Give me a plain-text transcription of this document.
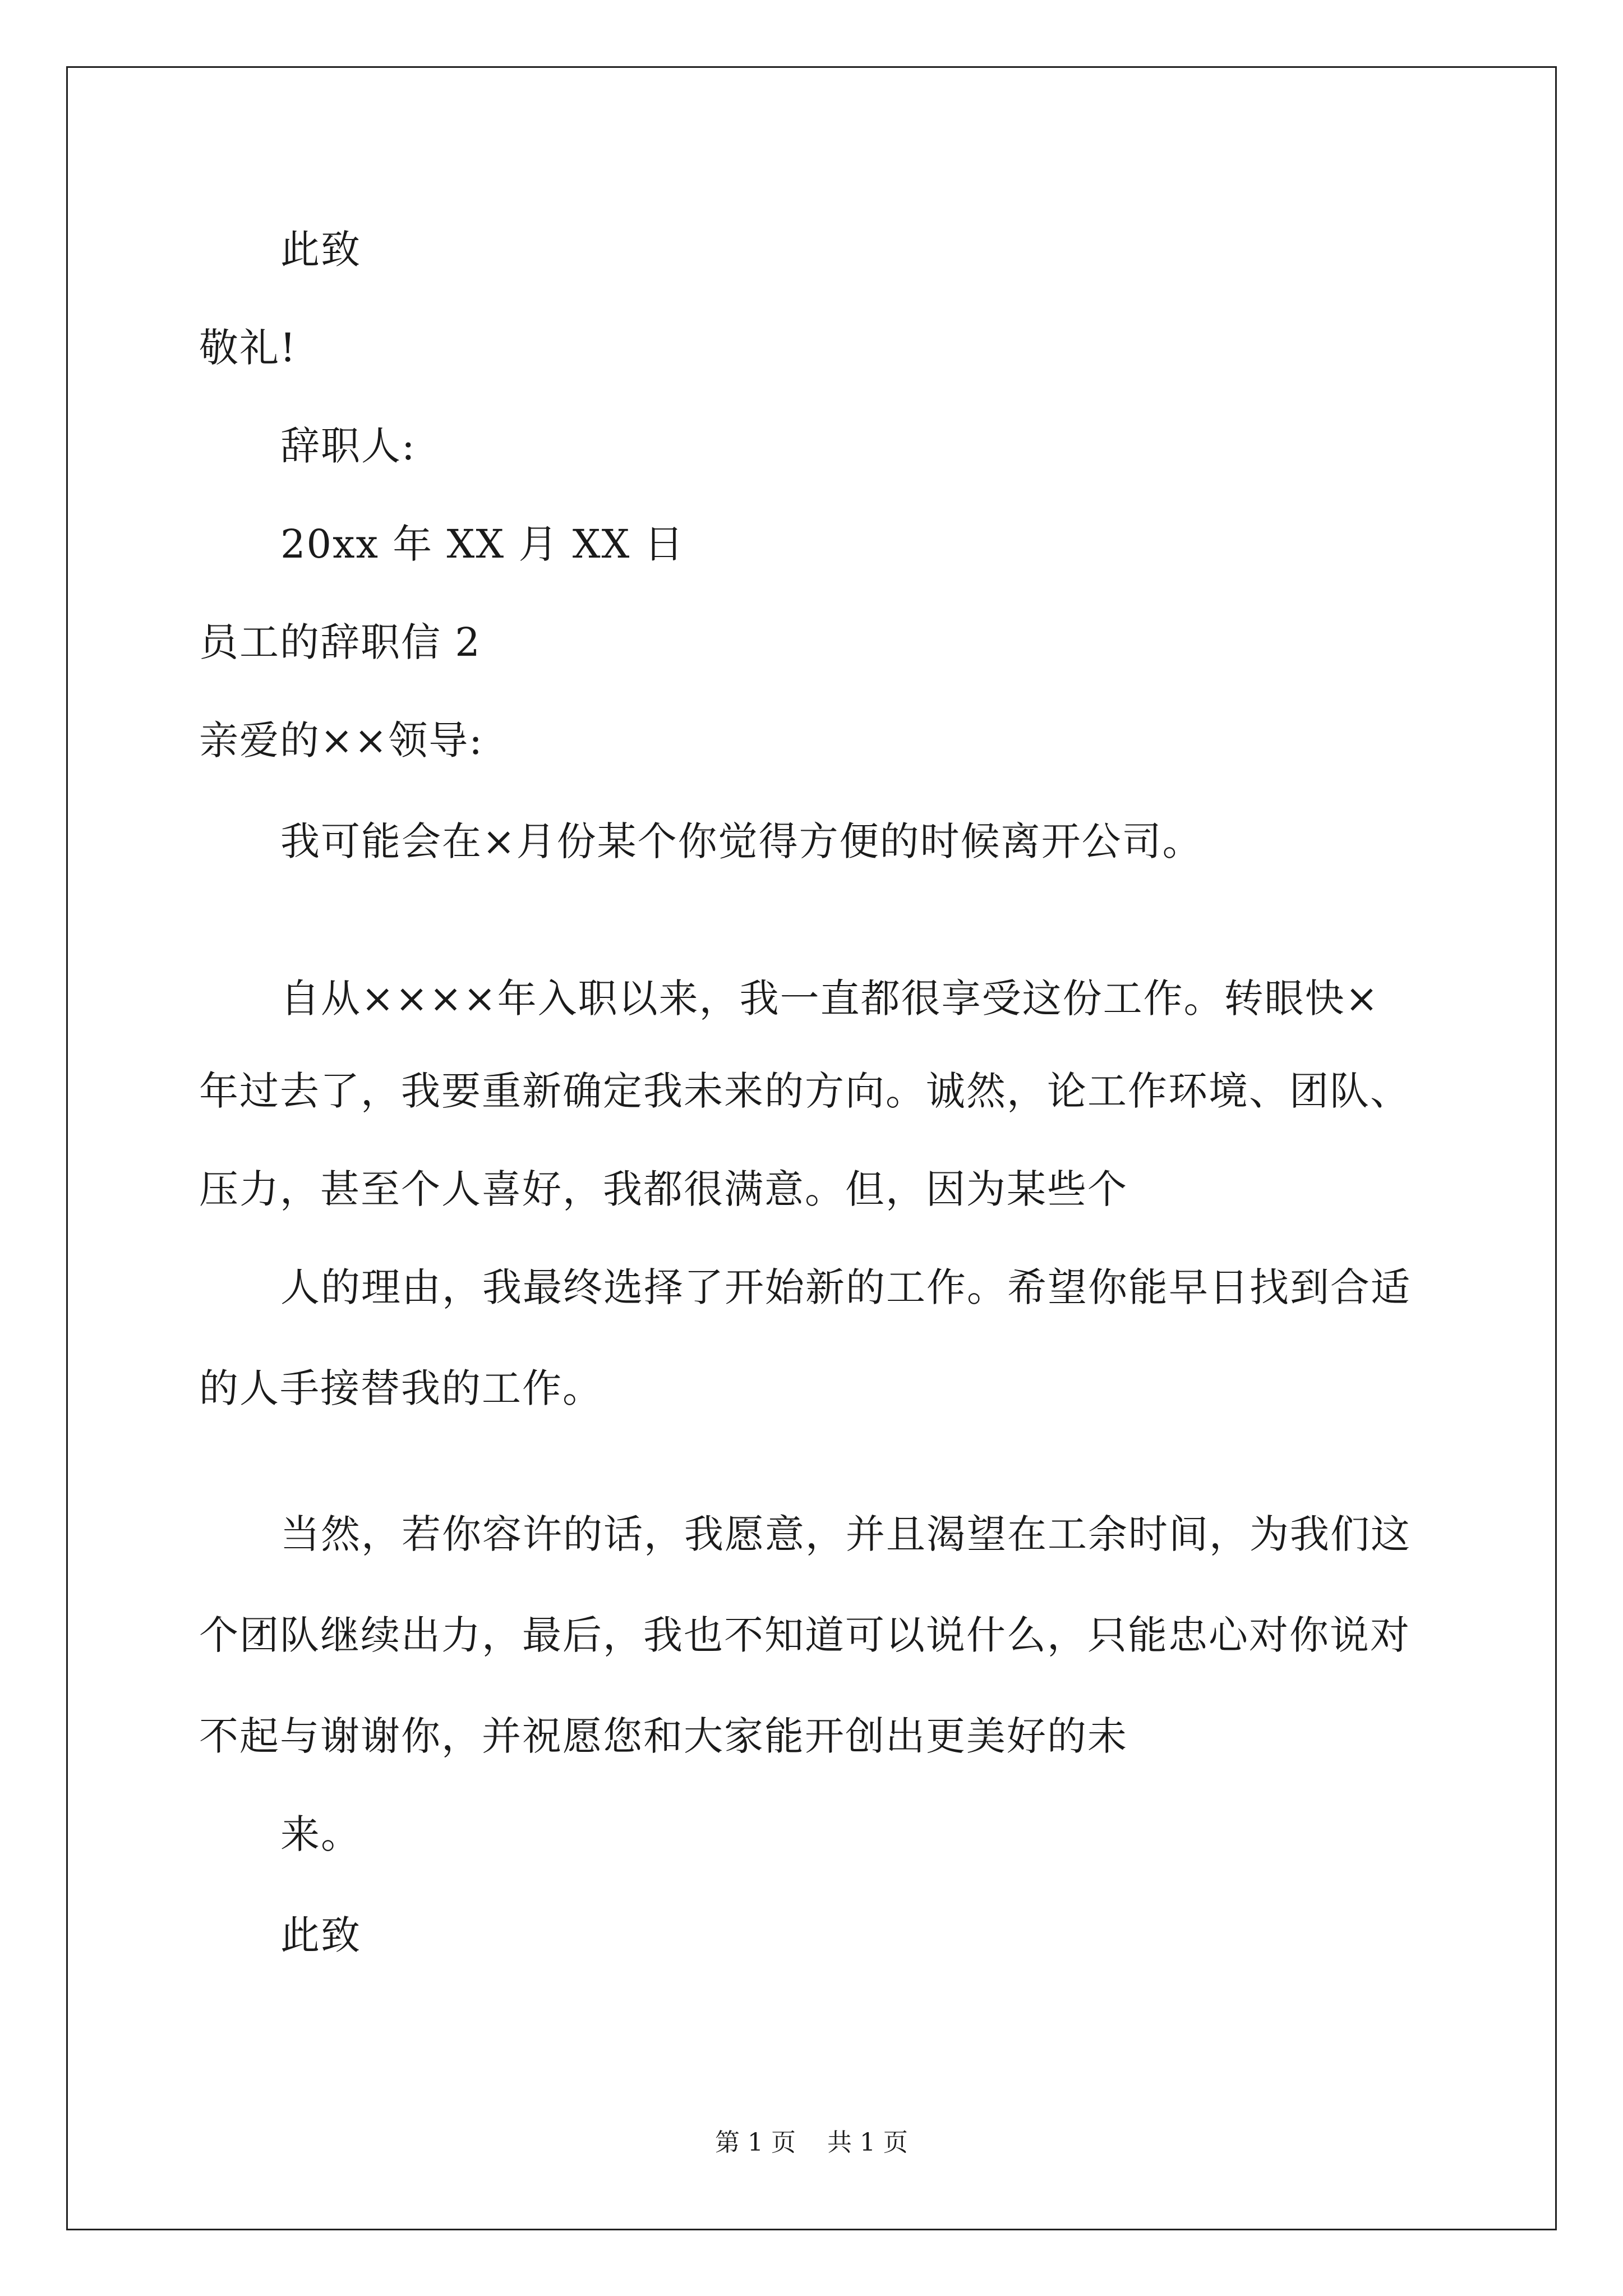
此致
敬礼!
辞职人:
20xx 年 XX 月 XX 日
员工的辞职信 2
亲爱的××领导:
我可能会在×月份某个你觉得方便的时候离开公司。
自从××××年入职以来，我一直都很享受这份工作。转眼快×
年过去了，我要重新确定我未来的方向。诚然，论工作环境、团队、
压力，甚至个人喜好，我都很满意。但，因为某些个
人的理由，我最终选择了开始新的工作。希望你能早日找到合适
的人手接替我的工作。
当然，若你容许的话，我愿意，并且渴望在工余时间，为我们这
个团队继续出力，最后，我也不知道可以说什么，只能忠心对你说对
不起与谢谢你，并祝愿您和大家能开创出更美好的未
来。
此致
第 1 页    共 1 页
